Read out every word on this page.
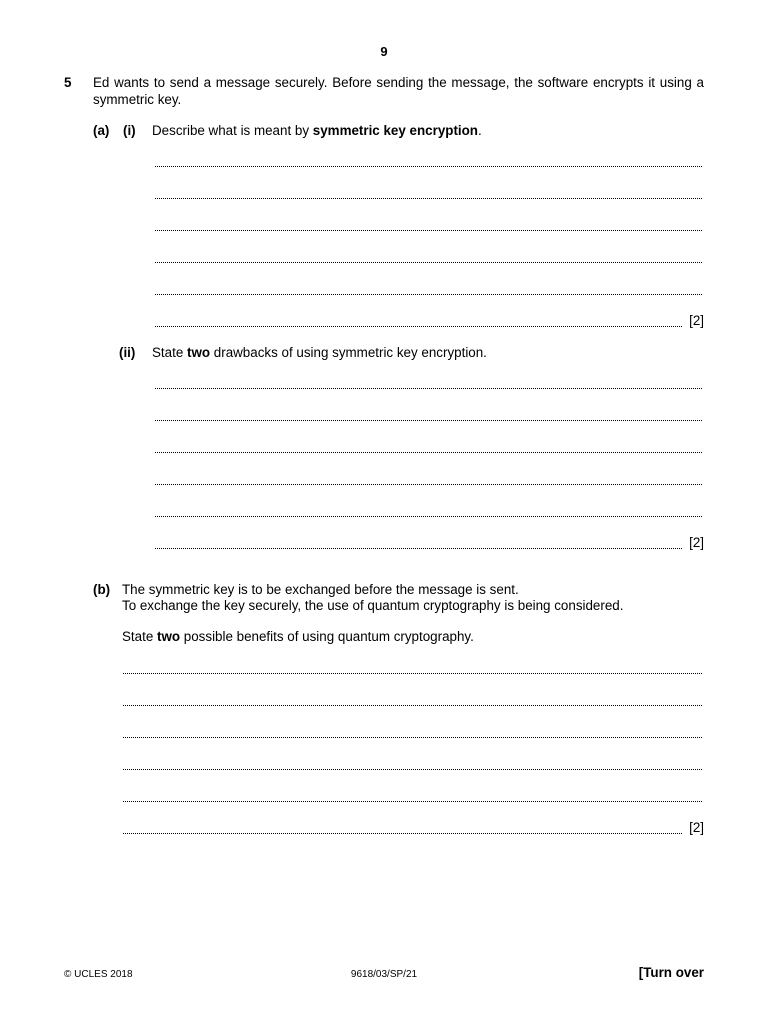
9
5 Ed wants to send a message securely. Before sending the message, the software encrypts it using a symmetric key.
(a) (i) Describe what is meant by symmetric key encryption.
[2]
(ii) State two drawbacks of using symmetric key encryption.
[2]
(b) The symmetric key is to be exchanged before the message is sent.
To exchange the key securely, the use of quantum cryptography is being considered.
State two possible benefits of using quantum cryptography.
[2]
© UCLES 2018	9618/03/SP/21	[Turn over
